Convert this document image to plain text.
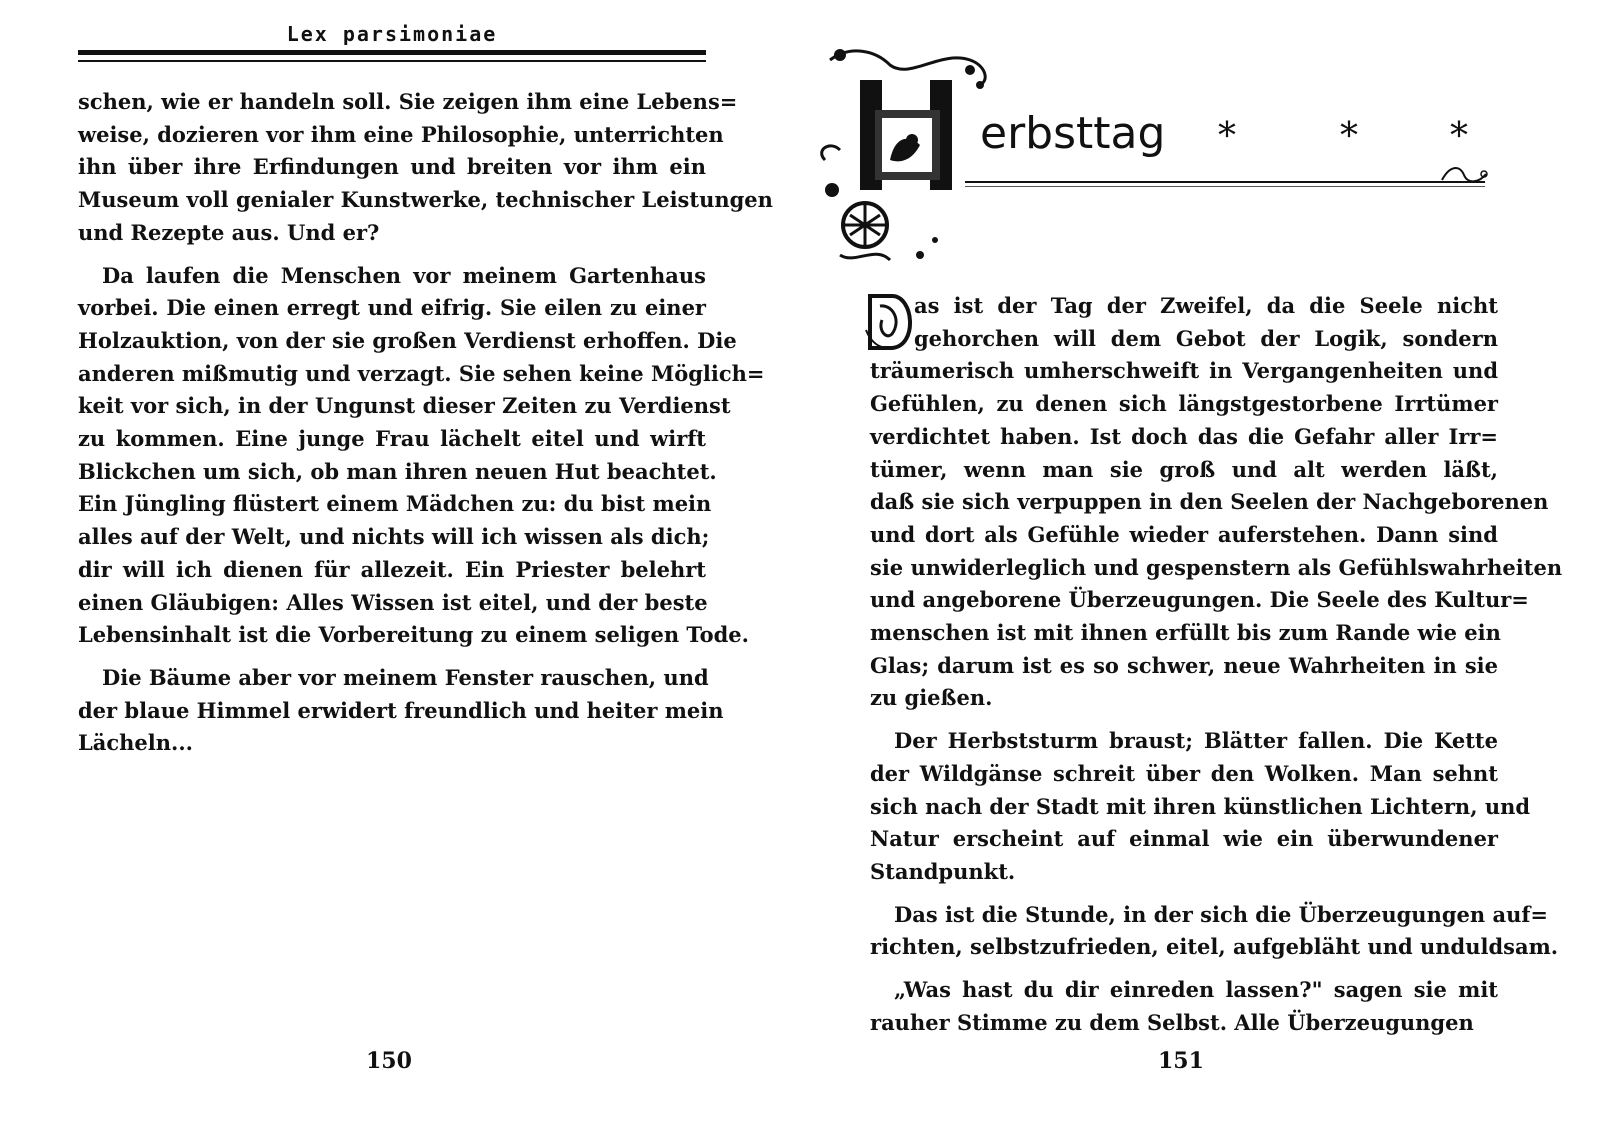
Lex parsimoniae
schen, wie er handeln soll. Sie zeigen ihm eine Lebens=
weise, dozieren vor ihm eine Philosophie, unterrichten
ihn über ihre Erfindungen und breiten vor ihm ein
Museum voll genialer Kunstwerke, technischer Leistungen
und Rezepte aus. Und er?
Da laufen die Menschen vor meinem Gartenhaus
vorbei. Die einen erregt und eifrig. Sie eilen zu einer
Holzauktion, von der sie großen Verdienst erhoffen. Die
anderen mißmutig und verzagt. Sie sehen keine Möglich=
keit vor sich, in der Ungunst dieser Zeiten zu Verdienst
zu kommen. Eine junge Frau lächelt eitel und wirft
Blickchen um sich, ob man ihren neuen Hut beachtet.
Ein Jüngling flüstert einem Mädchen zu: du bist mein
alles auf der Welt, und nichts will ich wissen als dich;
dir will ich dienen für allezeit. Ein Priester belehrt
einen Gläubigen: Alles Wissen ist eitel, und der beste
Lebensinhalt ist die Vorbereitung zu einem seligen Tode.
Die Bäume aber vor meinem Fenster rauschen, und
der blaue Himmel erwidert freundlich und heiter mein
Lächeln...
150
erbsttag *	*	*
as ist der Tag der Zweifel, da die Seele nicht
gehorchen will dem Gebot der Logik, sondern
träumerisch umherschweift in Vergangenheiten und
Gefühlen, zu denen sich längstgestorbene Irrtümer
verdichtet haben. Ist doch das die Gefahr aller Irr=
tümer, wenn man sie groß und alt werden läßt,
daß sie sich verpuppen in den Seelen der Nachgeborenen
und dort als Gefühle wieder auferstehen. Dann sind
sie unwiderleglich und gespenstern als Gefühlswahrheiten
und angeborene Überzeugungen. Die Seele des Kultur=
menschen ist mit ihnen erfüllt bis zum Rande wie ein
Glas; darum ist es so schwer, neue Wahrheiten in sie
zu gießen.
Der Herbststurm braust; Blätter fallen. Die Kette
der Wildgänse schreit über den Wolken. Man sehnt
sich nach der Stadt mit ihren künstlichen Lichtern, und
Natur erscheint auf einmal wie ein überwundener
Standpunkt.
Das ist die Stunde, in der sich die Überzeugungen auf=
richten, selbstzufrieden, eitel, aufgebläht und unduldsam.
„Was hast du dir einreden lassen?" sagen sie mit
rauher Stimme zu dem Selbst. Alle Überzeugungen
151
